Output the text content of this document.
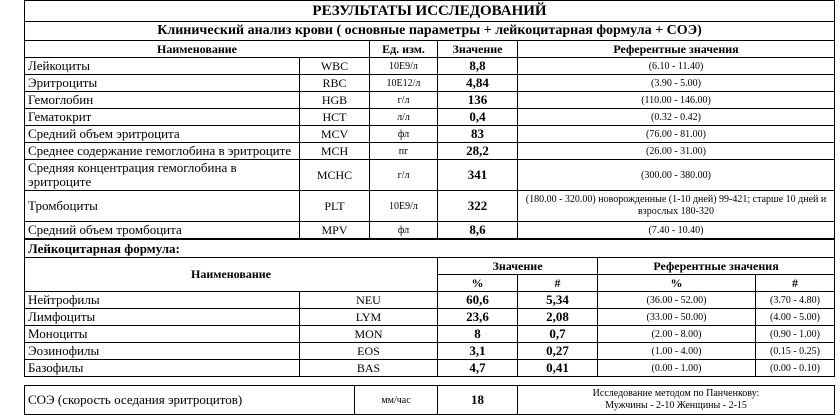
РЕЗУЛЬТАТЫ ИССЛЕДОВАНИЙ				
Клинический анализ крови ( основные параметры + лейкоцитарная формула + СОЭ)				
Наименование		Ед. изм.	Значение	Референтные значения
Лейкоциты	WBC	10E9/л	8,8	(6.10 - 11.40)
Эритроциты	RBC	10E12/л	4,84	(3.90 - 5.00)
Гемоглобин	HGB	г/л	136	(110.00 - 146.00)
Гематокрит	HCT	л/л	0,4	(0.32 - 0.42)
Средний объем эритроцита	MCV	фл	83	(76.00 - 81.00)
Среднее содержание гемоглобина в эритроците	MCH	пг	28,2	(26.00 - 31.00)
Средняя концентрация гемоглобина в эритроците	MCHC	г/л	341	(300.00 - 380.00)
Тромбоциты	PLT	10E9/л	322	(180.00 - 320.00) новорожденные (1-10 дней) 99-421; старше 10 дней и взрослых 180-320
Средний объем тромбоцита	MPV	фл	8,6	(7.40 - 10.40)
Лейкоцитарная формула:					
Наименование		Значение		Референтные значения	
		%	#	%	#
Нейтрофилы	NEU	60,6	5,34	(36.00 - 52.00)	(3.70 - 4.80)
Лимфоциты	LYM	23,6	2,08	(33.00 - 50.00)	(4.00 - 5.00)
Моноциты	MON	8	0,7	(2.00 - 8.00)	(0.90 - 1.00)
Эозинофилы	EOS	3,1	0,27	(1.00 - 4.00)	(0.15 - 0.25)
Базофилы	BAS	4,7	0,41	(0.00 - 1.00)	(0.00 - 0.10)
СОЭ (скорость оседания эритроцитов)	мм/час	18	Исследование методом по Панченкову:
Мужчины - 2-10 Женщины - 2-15
